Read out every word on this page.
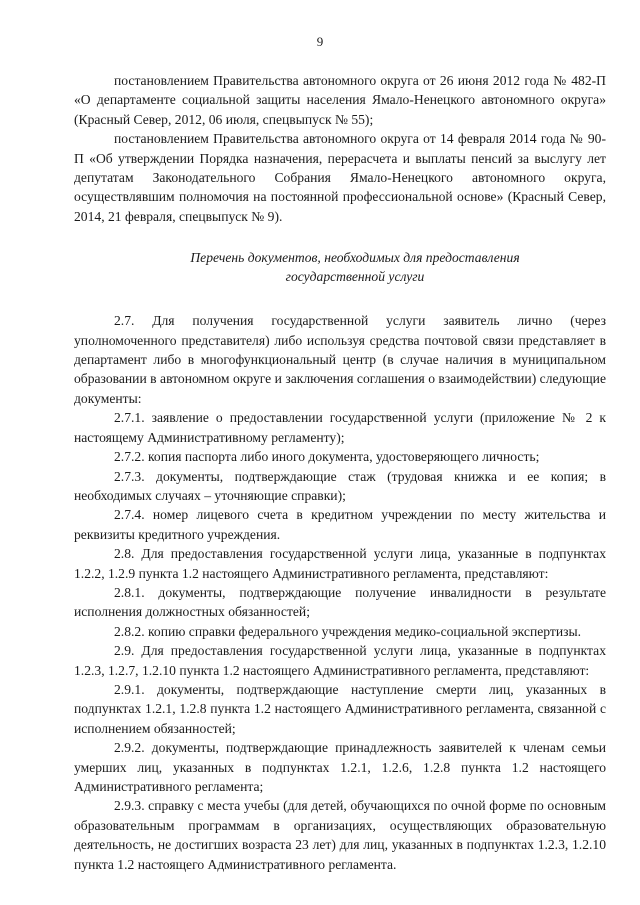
9

постановлением Правительства автономного округа от 26 июня 2012 года № 482-П «О департаменте социальной защиты населения Ямало-Ненецкого автономного округа» (Красный Север, 2012, 06 июля, спецвыпуск № 55);

постановлением Правительства автономного округа от 14 февраля 2014 года № 90-П «Об утверждении Порядка назначения, перерасчета и выплаты пенсий за выслугу лет депутатам Законодательного Собрания Ямало-Ненецкого автономного округа, осуществлявшим полномочия на постоянной профессиональной основе» (Красный Север, 2014, 21 февраля, спецвыпуск № 9).

Перечень документов, необходимых для предоставления
государственной услуги

2.7. Для получения государственной услуги заявитель лично (через уполномоченного представителя) либо используя средства почтовой связи представляет в департамент либо в многофункциональный центр (в случае наличия в муниципальном образовании в автономном округе и заключения соглашения о взаимодействии) следующие документы:

2.7.1. заявление о предоставлении государственной услуги (приложение № 2 к настоящему Административному регламенту);

2.7.2. копия паспорта либо иного документа, удостоверяющего личность;

2.7.3. документы, подтверждающие стаж (трудовая книжка и ее копия; в необходимых случаях – уточняющие справки);

2.7.4. номер лицевого счета в кредитном учреждении по месту жительства и реквизиты кредитного учреждения.

2.8. Для предоставления государственной услуги лица, указанные в подпунктах 1.2.2, 1.2.9 пункта 1.2 настоящего Административного регламента, представляют:

2.8.1. документы, подтверждающие получение инвалидности в результате исполнения должностных обязанностей;

2.8.2. копию справки федерального учреждения медико-социальной экспертизы.

2.9. Для предоставления государственной услуги лица, указанные в подпунктах 1.2.3, 1.2.7, 1.2.10 пункта 1.2 настоящего Административного регламента, представляют:

2.9.1. документы, подтверждающие наступление смерти лиц, указанных в подпунктах 1.2.1, 1.2.8 пункта 1.2 настоящего Административного регламента, связанной с исполнением обязанностей;

2.9.2. документы, подтверждающие принадлежность заявителей к членам семьи умерших лиц, указанных в подпунктах 1.2.1, 1.2.6, 1.2.8 пункта 1.2 настоящего Административного регламента;

2.9.3. справку с места учебы (для детей, обучающихся по очной форме по основным образовательным программам в организациях, осуществляющих образовательную деятельность, не достигших возраста 23 лет) для лиц, указанных в подпунктах 1.2.3, 1.2.10 пункта 1.2 настоящего Административного регламента.
